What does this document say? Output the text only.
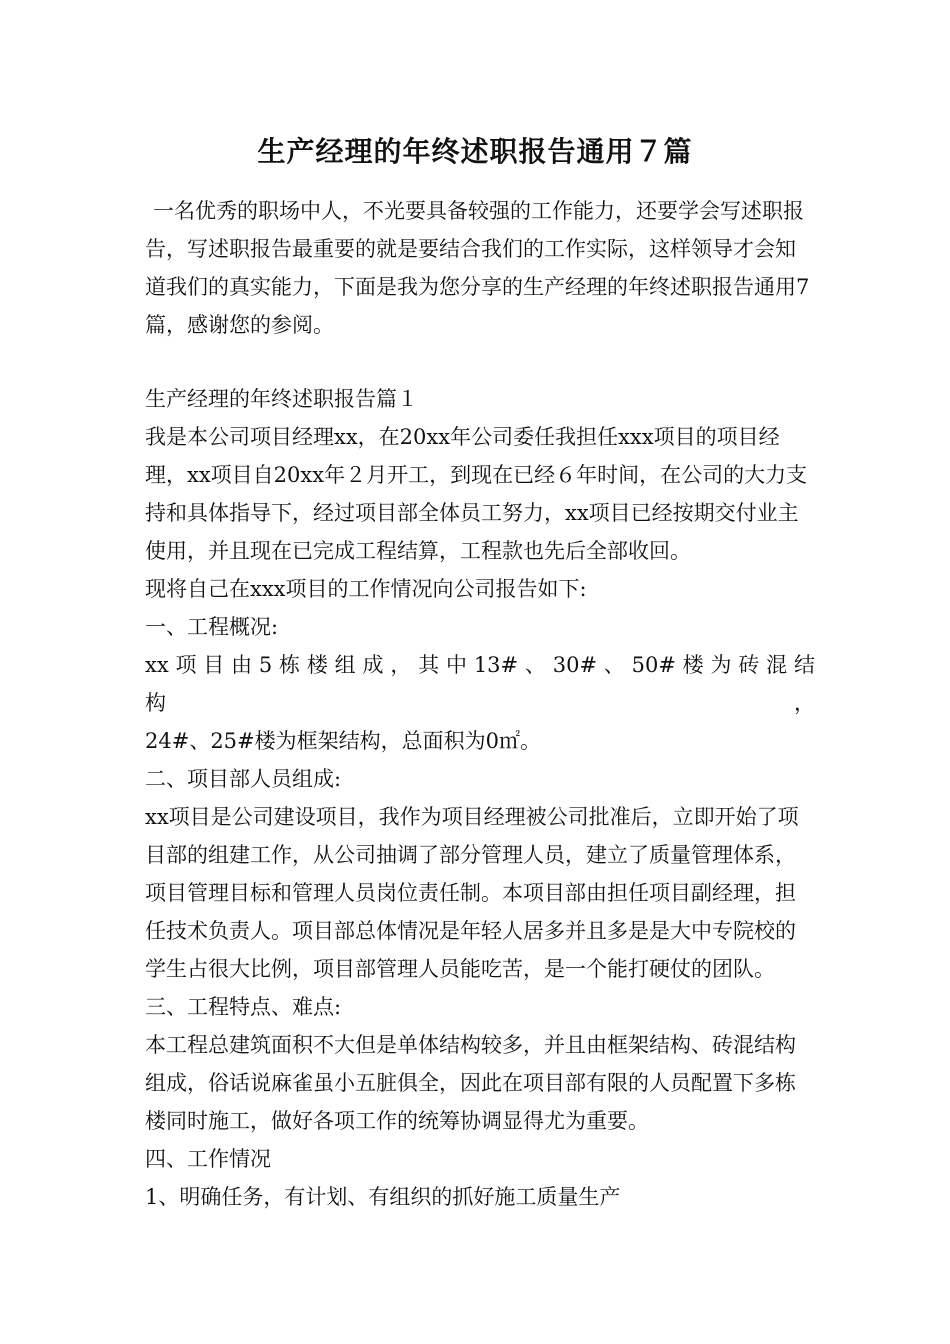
生产经理的年终述职报告通用７篇

一名优秀的职场中人，不光要具备较强的工作能力，还要学会写述职报告，写述职报告最重要的就是要结合我们的工作实际，这样领导才会知道我们的真实能力，下面是我为您分享的生产经理的年终述职报告通用7篇，感谢您的参阅。

生产经理的年终述职报告篇１

我是本公司项目经理xx，在20xx年公司委任我担任xxx项目的项目经理，xx项目自20xx年２月开工，到现在已经６年时间，在公司的大力支持和具体指导下，经过项目部全体员工努力，xx项目已经按期交付业主使用，并且现在已完成工程结算，工程款也先后全部收回。

现将自己在xxx项目的工作情况向公司报告如下:

一、工程概况:

xx 项 目 由 5 栋 楼 组 成 ， 其 中 13# 、 30# 、 50# 楼 为 砖 混 结 构 ，

24#、25#楼为框架结构，总面积为0㎡。

二、项目部人员组成:

xx项目是公司建设项目，我作为项目经理被公司批准后，立即开始了项目部的组建工作，从公司抽调了部分管理人员，建立了质量管理体系，项目管理目标和管理人员岗位责任制。本项目部由担任项目副经理，担任技术负责人。项目部总体情况是年轻人居多并且多是是大中专院校的学生占很大比例，项目部管理人员能吃苦，是一个能打硬仗的团队。

三、工程特点、难点:

本工程总建筑面积不大但是单体结构较多，并且由框架结构、砖混结构组成，俗话说麻雀虽小五脏俱全，因此在项目部有限的人员配置下多栋楼同时施工，做好各项工作的统筹协调显得尤为重要。

四、工作情况

1、明确任务，有计划、有组织的抓好施工质量生产
